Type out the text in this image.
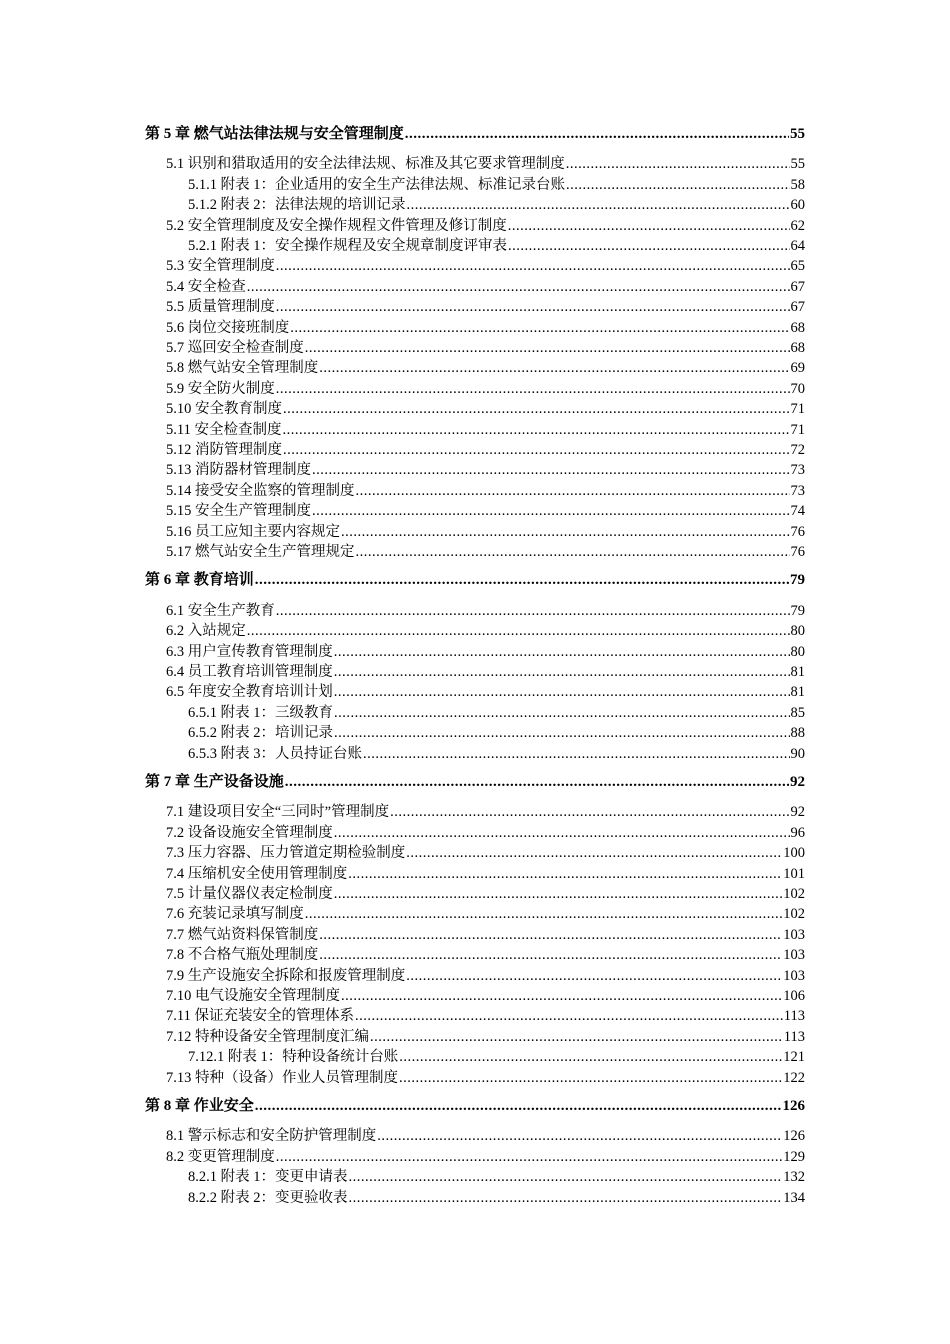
第 5 章 燃气站法律法规与安全管理制度 .....	55
5.1 识别和猎取适用的安全法律法规、标准及其它要求管理制度 .....	55
5.1.1 附表 1：企业适用的安全生产法律法规、标准记录台账 .....	58
5.1.2 附表 2：法律法规的培训记录 .....	60
5.2 安全管理制度及安全操作规程文件管理及修订制度 .....	62
5.2.1 附表 1：安全操作规程及安全规章制度评审表 .....	64
5.3 安全管理制度 .....	65
5.4 安全检查 .....	67
5.5 质量管理制度 .....	67
5.6 岗位交接班制度 .....	68
5.7 巡回安全检查制度 .....	68
5.8 燃气站安全管理制度 .....	69
5.9 安全防火制度 .....	70
5.10 安全教育制度 .....	71
5.11 安全检查制度 .....	71
5.12 消防管理制度 .....	72
5.13 消防器材管理制度 .....	73
5.14 接受安全监察的管理制度 .....	73
5.15 安全生产管理制度 .....	74
5.16 员工应知主要内容规定 .....	76
5.17 燃气站安全生产管理规定 .....	76
第 6 章 教育培训 .....	79
6.1 安全生产教育 .....	79
6.2 入站规定 .....	80
6.3 用户宣传教育管理制度 .....	80
6.4 员工教育培训管理制度 .....	81
6.5 年度安全教育培训计划 .....	81
6.5.1 附表 1：三级教育 .....	85
6.5.2 附表 2：培训记录 .....	88
6.5.3 附表 3：人员持证台账 .....	90
第 7 章 生产设备设施 .....	92
7.1 建设项目安全“三同时”管理制度 .....	92
7.2 设备设施安全管理制度 .....	96
7.3 压力容器、压力管道定期检验制度 .....	100
7.4 压缩机安全使用管理制度 .....	101
7.5 计量仪器仪表定检制度 .....	102
7.6 充装记录填写制度 .....	102
7.7 燃气站资料保管制度 .....	103
7.8 不合格气瓶处理制度 .....	103
7.9 生产设施安全拆除和报废管理制度 .....	103
7.10 电气设施安全管理制度 .....	106
7.11 保证充装安全的管理体系 .....	113
7.12 特种设备安全管理制度汇编 .....	113
7.12.1 附表 1：特种设备统计台账 .....	121
7.13 特种（设备）作业人员管理制度 .....	122
第 8 章 作业安全 .....	126
8.1 警示标志和安全防护管理制度 .....	126
8.2 变更管理制度 .....	129
8.2.1 附表 1：变更申请表 .....	132
8.2.2 附表 2：变更验收表 .....	134
